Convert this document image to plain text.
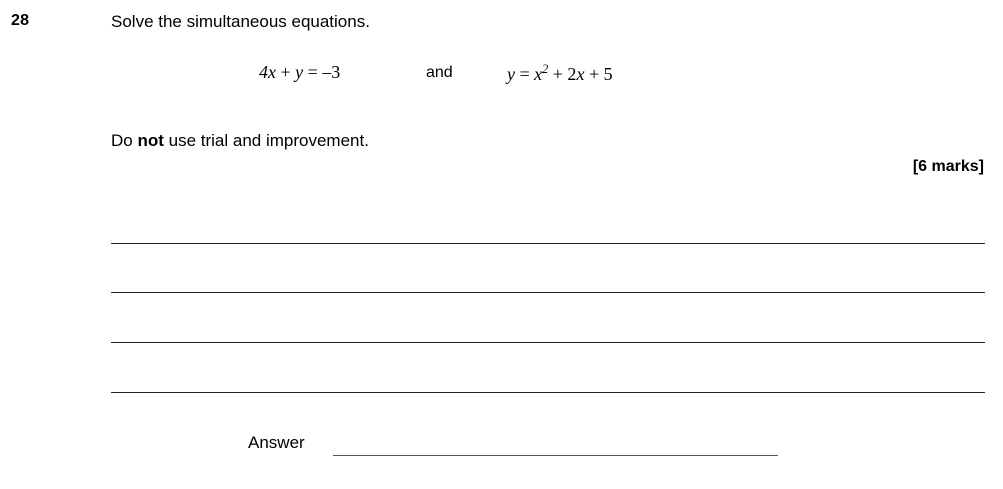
28	Solve the simultaneous equations.
4x + y = –3	and	$y = x^2 + 2x + 5$
Do not use trial and improvement.
[6 marks]
Answer
